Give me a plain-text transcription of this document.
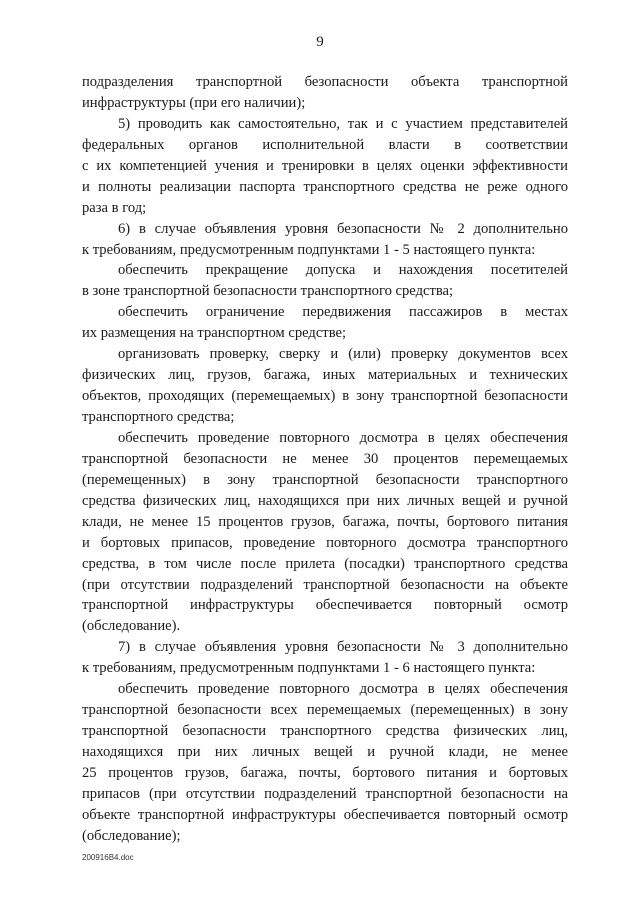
9
подразделения транспортной безопасности объекта транспортной
инфраструктуры (при его наличии);
5) проводить как самостоятельно, так и с участием представителей
федеральных органов исполнительной власти в соответствии
с их компетенцией учения и тренировки в целях оценки эффективности
и полноты реализации паспорта транспортного средства не реже одного
раза в год;
6) в случае объявления уровня безопасности № 2 дополнительно
к требованиям, предусмотренным подпунктами 1 - 5 настоящего пункта:
обеспечить прекращение допуска и нахождения посетителей
в зоне транспортной безопасности транспортного средства;
обеспечить ограничение передвижения пассажиров в местах
их размещения на транспортном средстве;
организовать проверку, сверку и (или) проверку документов всех
физических лиц, грузов, багажа, иных материальных и технических
объектов, проходящих (перемещаемых) в зону транспортной безопасности
транспортного средства;
обеспечить проведение повторного досмотра в целях обеспечения
транспортной безопасности не менее 30 процентов перемещаемых
(перемещенных) в зону транспортной безопасности транспортного
средства физических лиц, находящихся при них личных вещей и ручной
клади, не менее 15 процентов грузов, багажа, почты, бортового питания
и бортовых припасов, проведение повторного досмотра транспортного
средства, в том числе после прилета (посадки) транспортного средства
(при отсутствии подразделений транспортной безопасности на объекте
транспортной инфраструктуры обеспечивается повторный осмотр
(обследование).
7) в случае объявления уровня безопасности № 3 дополнительно
к требованиям, предусмотренным подпунктами 1 - 6 настоящего пункта:
обеспечить проведение повторного досмотра в целях обеспечения
транспортной безопасности всех перемещаемых (перемещенных) в зону
транспортной безопасности транспортного средства физических лиц,
находящихся при них личных вещей и ручной клади, не менее
25 процентов грузов, багажа, почты, бортового питания и бортовых
припасов (при отсутствии подразделений транспортной безопасности на
объекте транспортной инфраструктуры обеспечивается повторный осмотр
(обследование);
200916B4.doc
